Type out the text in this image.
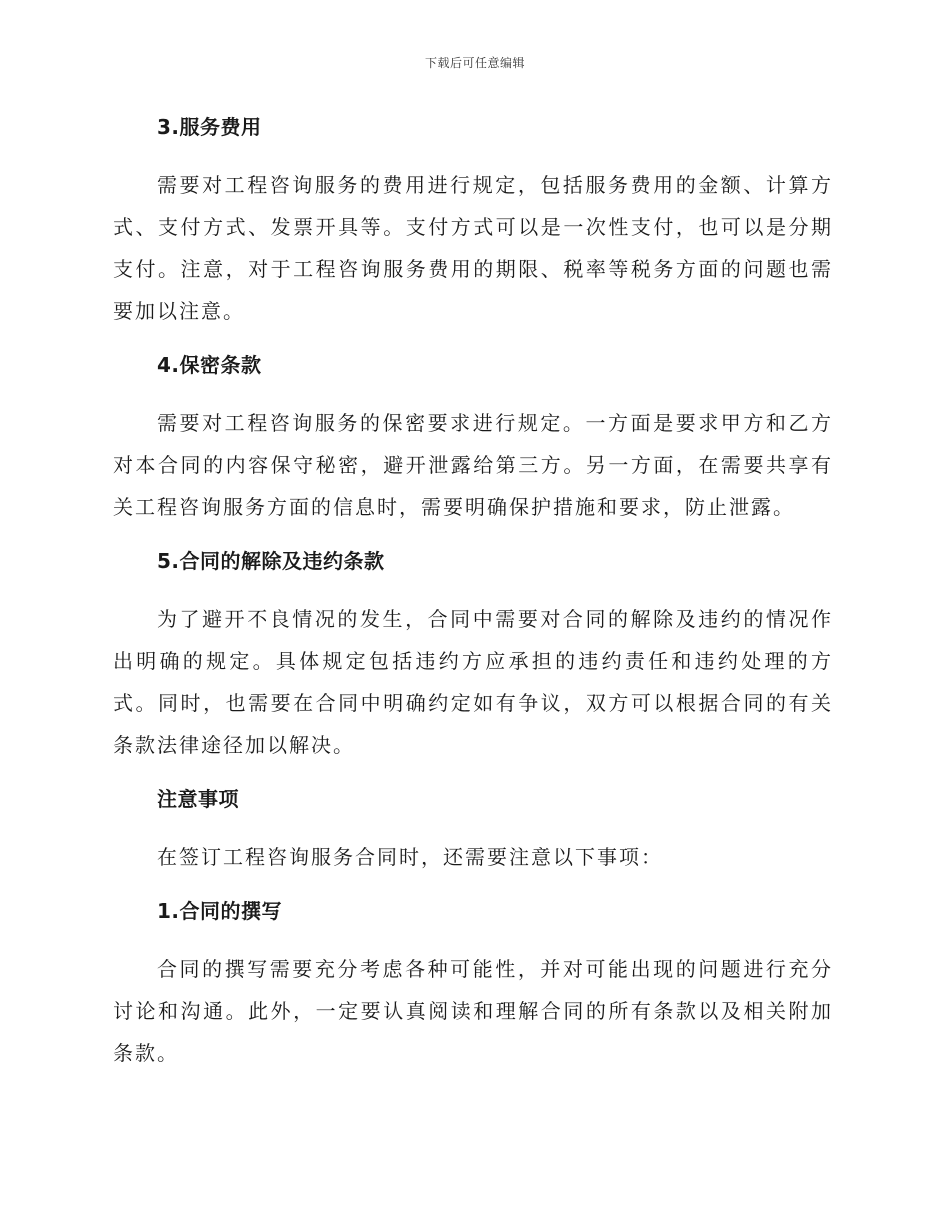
下载后可任意编辑
3.服务费用

需要对工程咨询服务的费用进行规定，包括服务费用的金额、计算方式、支付方式、发票开具等。支付方式可以是一次性支付，也可以是分期支付。注意，对于工程咨询服务费用的期限、税率等税务方面的问题也需要加以注意。

4.保密条款

需要对工程咨询服务的保密要求进行规定。一方面是要求甲方和乙方对本合同的内容保守秘密，避开泄露给第三方。另一方面，在需要共享有关工程咨询服务方面的信息时，需要明确保护措施和要求，防止泄露。

5.合同的解除及违约条款

为了避开不良情况的发生，合同中需要对合同的解除及违约的情况作出明确的规定。具体规定包括违约方应承担的违约责任和违约处理的方式。同时，也需要在合同中明确约定如有争议，双方可以根据合同的有关条款法律途径加以解决。

注意事项

在签订工程咨询服务合同时，还需要注意以下事项：

1.合同的撰写

合同的撰写需要充分考虑各种可能性，并对可能出现的问题进行充分讨论和沟通。此外，一定要认真阅读和理解合同的所有条款以及相关附加条款。
